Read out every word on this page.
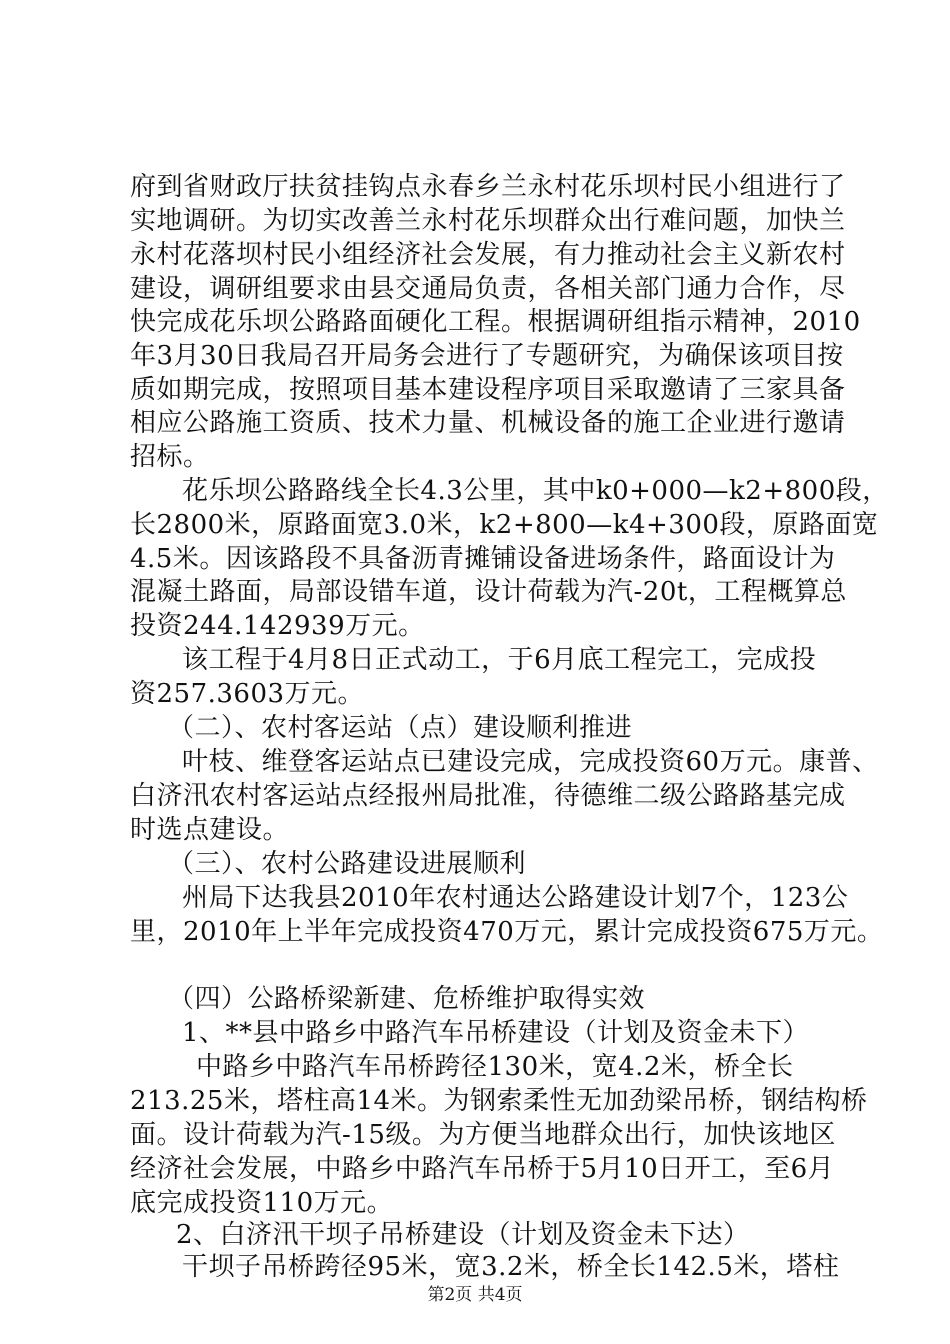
府到省财政厅扶贫挂钩点永春乡兰永村花乐坝村民小组进行了
实地调研。为切实改善兰永村花乐坝群众出行难问题，加快兰
永村花落坝村民小组经济社会发展，有力推动社会主义新农村
建设，调研组要求由县交通局负责，各相关部门通力合作，尽
快完成花乐坝公路路面硬化工程。根据调研组指示精神，2010
年3月30日我局召开局务会进行了专题研究，为确保该项目按
质如期完成，按照项目基本建设程序项目采取邀请了三家具备
相应公路施工资质、技术力量、机械设备的施工企业进行邀请
招标。
花乐坝公路路线全长4.3公里，其中k0+000—k2+800段，
长2800米，原路面宽3.0米，k2+800—k4+300段，原路面宽
4.5米。因该路段不具备沥青摊铺设备进场条件，路面设计为
混凝土路面，局部设错车道，设计荷载为汽-20t，工程概算总
投资244.142939万元。
该工程于4月8日正式动工，于6月底工程完工，完成投
资257.3603万元。
（二）、农村客运站（点）建设顺利推进
叶枝、维登客运站点已建设完成，完成投资60万元。康普、
白济汛农村客运站点经报州局批准，待德维二级公路路基完成
时选点建设。
（三）、农村公路建设进展顺利
州局下达我县2010年农村通达公路建设计划7个，123公
里，2010年上半年完成投资470万元，累计完成投资675万元。
（四）公路桥梁新建、危桥维护取得实效
1、**县中路乡中路汽车吊桥建设（计划及资金未下）
中路乡中路汽车吊桥跨径130米，宽4.2米，桥全长
213.25米，塔柱高14米。为钢索柔性无加劲梁吊桥，钢结构桥
面。设计荷载为汽-15级。为方便当地群众出行，加快该地区
经济社会发展，中路乡中路汽车吊桥于5月10日开工，至6月
底完成投资110万元。
2、白济汛干坝子吊桥建设（计划及资金未下达）
干坝子吊桥跨径95米，宽3.2米，桥全长142.5米，塔柱
第2页 共4页
